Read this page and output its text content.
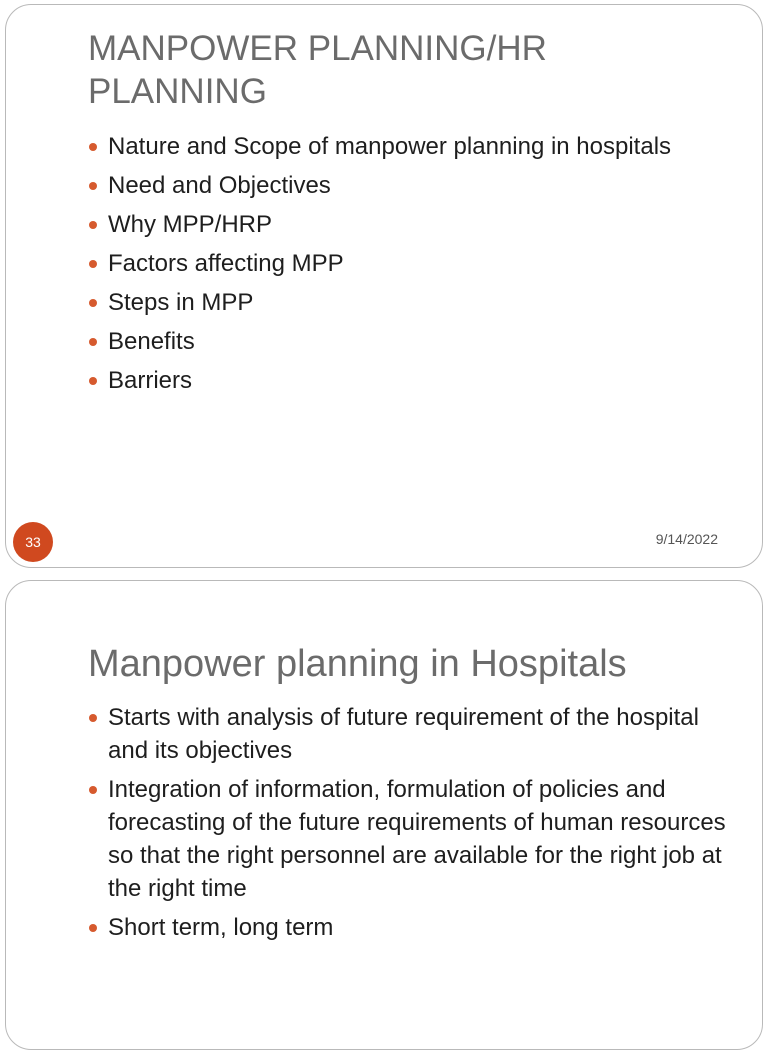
MANPOWER PLANNING/HR PLANNING
Nature and Scope of manpower planning in hospitals
Need and Objectives
Why MPP/HRP
Factors affecting MPP
Steps in MPP
Benefits
Barriers
33	9/14/2022
Manpower planning in Hospitals
Starts with analysis of future requirement of the hospital and its objectives
Integration of information, formulation of policies and forecasting of the future requirements of human resources so that the right personnel are available for the right job at the right time
Short term, long term
